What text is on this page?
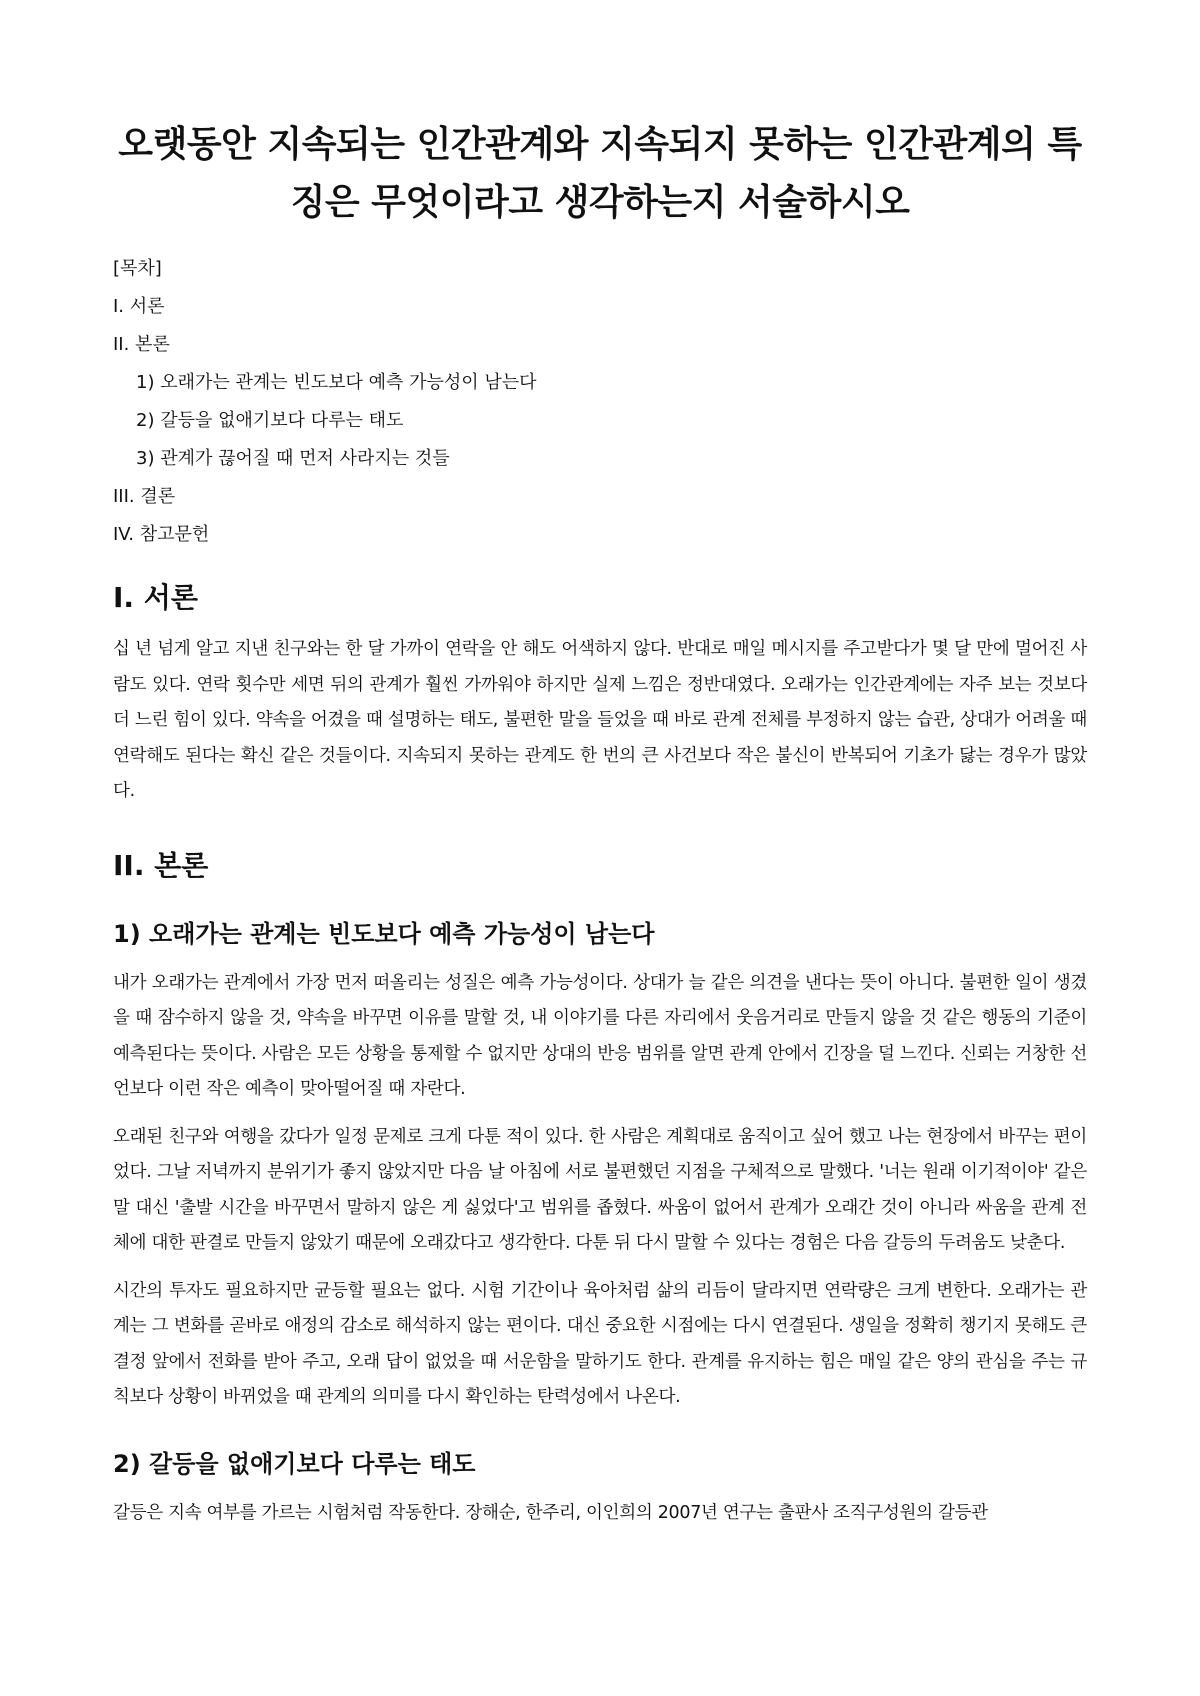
오랫동안 지속되는 인간관계와 지속되지 못하는 인간관계의 특
징은 무엇이라고 생각하는지 서술하시오
[목차]
I. 서론
II. 본론
1) 오래가는 관계는 빈도보다 예측 가능성이 남는다
2) 갈등을 없애기보다 다루는 태도
3) 관계가 끊어질 때 먼저 사라지는 것들
III. 결론
IV. 참고문헌
I. 서론

십 년 넘게 알고 지낸 친구와는 한 달 가까이 연락을 안 해도 어색하지 않다. 반대로 매일 메시지를 주고받다가 몇 달 만에 멀어진 사람도 있다. 연락 횟수만 세면 뒤의 관계가 훨씬 가까워야 하지만 실제 느낌은 정반대였다. 오래가는 인간관계에는 자주 보는 것보다 더 느린 힘이 있다. 약속을 어겼을 때 설명하는 태도, 불편한 말을 들었을 때 바로 관계 전체를 부정하지 않는 습관, 상대가 어려울 때 연락해도 된다는 확신 같은 것들이다. 지속되지 못하는 관계도 한 번의 큰 사건보다 작은 불신이 반복되어 기초가 닳는 경우가 많았다.

II. 본론
1) 오래가는 관계는 빈도보다 예측 가능성이 남는다

내가 오래가는 관계에서 가장 먼저 떠올리는 성질은 예측 가능성이다. 상대가 늘 같은 의견을 낸다는 뜻이 아니다. 불편한 일이 생겼을 때 잠수하지 않을 것, 약속을 바꾸면 이유를 말할 것, 내 이야기를 다른 자리에서 웃음거리로 만들지 않을 것 같은 행동의 기준이 예측된다는 뜻이다. 사람은 모든 상황을 통제할 수 없지만 상대의 반응 범위를 알면 관계 안에서 긴장을 덜 느낀다. 신뢰는 거창한 선언보다 이런 작은 예측이 맞아떨어질 때 자란다.

오래된 친구와 여행을 갔다가 일정 문제로 크게 다툰 적이 있다. 한 사람은 계획대로 움직이고 싶어 했고 나는 현장에서 바꾸는 편이었다. 그날 저녁까지 분위기가 좋지 않았지만 다음 날 아침에 서로 불편했던 지점을 구체적으로 말했다. '너는 원래 이기적이야' 같은 말 대신 '출발 시간을 바꾸면서 말하지 않은 게 싫었다'고 범위를 좁혔다. 싸움이 없어서 관계가 오래간 것이 아니라 싸움을 관계 전체에 대한 판결로 만들지 않았기 때문에 오래갔다고 생각한다. 다툰 뒤 다시 말할 수 있다는 경험은 다음 갈등의 두려움도 낮춘다.

시간의 투자도 필요하지만 균등할 필요는 없다. 시험 기간이나 육아처럼 삶의 리듬이 달라지면 연락량은 크게 변한다. 오래가는 관계는 그 변화를 곧바로 애정의 감소로 해석하지 않는 편이다. 대신 중요한 시점에는 다시 연결된다. 생일을 정확히 챙기지 못해도 큰 결정 앞에서 전화를 받아 주고, 오래 답이 없었을 때 서운함을 말하기도 한다. 관계를 유지하는 힘은 매일 같은 양의 관심을 주는 규칙보다 상황이 바뀌었을 때 관계의 의미를 다시 확인하는 탄력성에서 나온다.

2) 갈등을 없애기보다 다루는 태도

갈등은 지속 여부를 가르는 시험처럼 작동한다. 장해순, 한주리, 이인희의 2007년 연구는 출판사 조직구성원의 갈등관
